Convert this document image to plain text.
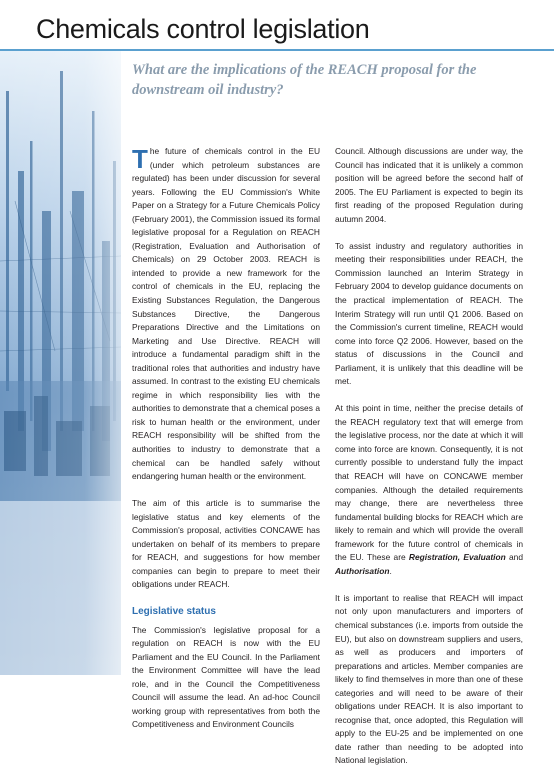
Chemicals control legislation
What are the implications of the REACH proposal for the downstream oil industry?

The future of chemicals control in the EU (under which petroleum substances are regulated) has been under discussion for several years. Following the EU Commission's White Paper on a Strategy for a Future Chemicals Policy (February 2001), the Commission issued its formal legislative proposal for a Regulation on REACH (Registration, Evaluation and Authorisation of Chemicals) on 29 October 2003. REACH is intended to provide a new framework for the control of chemicals in the EU, replacing the Existing Substances Regulation, the Dangerous Substances Directive, the Dangerous Preparations Directive and the Limitations on Marketing and Use Directive. REACH will introduce a fundamental paradigm shift in the traditional roles that authorities and industry have assumed. In contrast to the existing EU chemicals regime in which responsibility lies with the authorities to demonstrate that a chemical poses a risk to human health or the environment, under REACH responsibility will be shifted from the authorities to industry to demonstrate that a chemical can be handled safely without endangering human health or the environment.

The aim of this article is to summarise the legislative status and key elements of the Commission's proposal, activities CONCAWE has undertaken on behalf of its members to prepare for REACH, and suggestions for how member companies can begin to prepare to meet their obligations under REACH.

Legislative status

The Commission's legislative proposal for a regulation on REACH is now with the EU Parliament and the EU Council. In the Parliament the Environment Committee will have the lead role, and in the Council the Competitiveness Council will assume the lead. An ad-hoc Council working group with representatives from both the Competitiveness and Environment Councils

Council. Although discussions are under way, the Council has indicated that it is unlikely a common position will be agreed before the second half of 2005. The EU Parliament is expected to begin its first reading of the proposed Regulation during autumn 2004.

To assist industry and regulatory authorities in meeting their responsibilities under REACH, the Commission launched an Interim Strategy in February 2004 to develop guidance documents on the practical implementation of REACH. The Interim Strategy will run until Q1 2006. Based on the Commission's current timeline, REACH would come into force Q2 2006. However, based on the status of discussions in the Council and Parliament, it is unlikely that this deadline will be met.

At this point in time, neither the precise details of the REACH regulatory text that will emerge from the legislative process, nor the date at which it will come into force are known. Consequently, it is not currently possible to understand fully the impact that REACH will have on CONCAWE member companies. Although the detailed requirements may change, there are nevertheless three fundamental building blocks for REACH which are likely to remain and which will provide the overall framework for the future control of chemicals in the EU. These are Registration, Evaluation and Authorisation.

It is important to realise that REACH will impact not only upon manufacturers and importers of chemical substances (i.e. imports from outside the EU), but also on downstream suppliers and users, as well as producers and importers of preparations and articles. Member companies are likely to find themselves in more than one of these categories and will need to be aware of their obligations under REACH. It is also important to recognise that, once adopted, this Regulation will apply to the EU-25 and be implemented on one date rather than needing to be adopted into National legislation.
